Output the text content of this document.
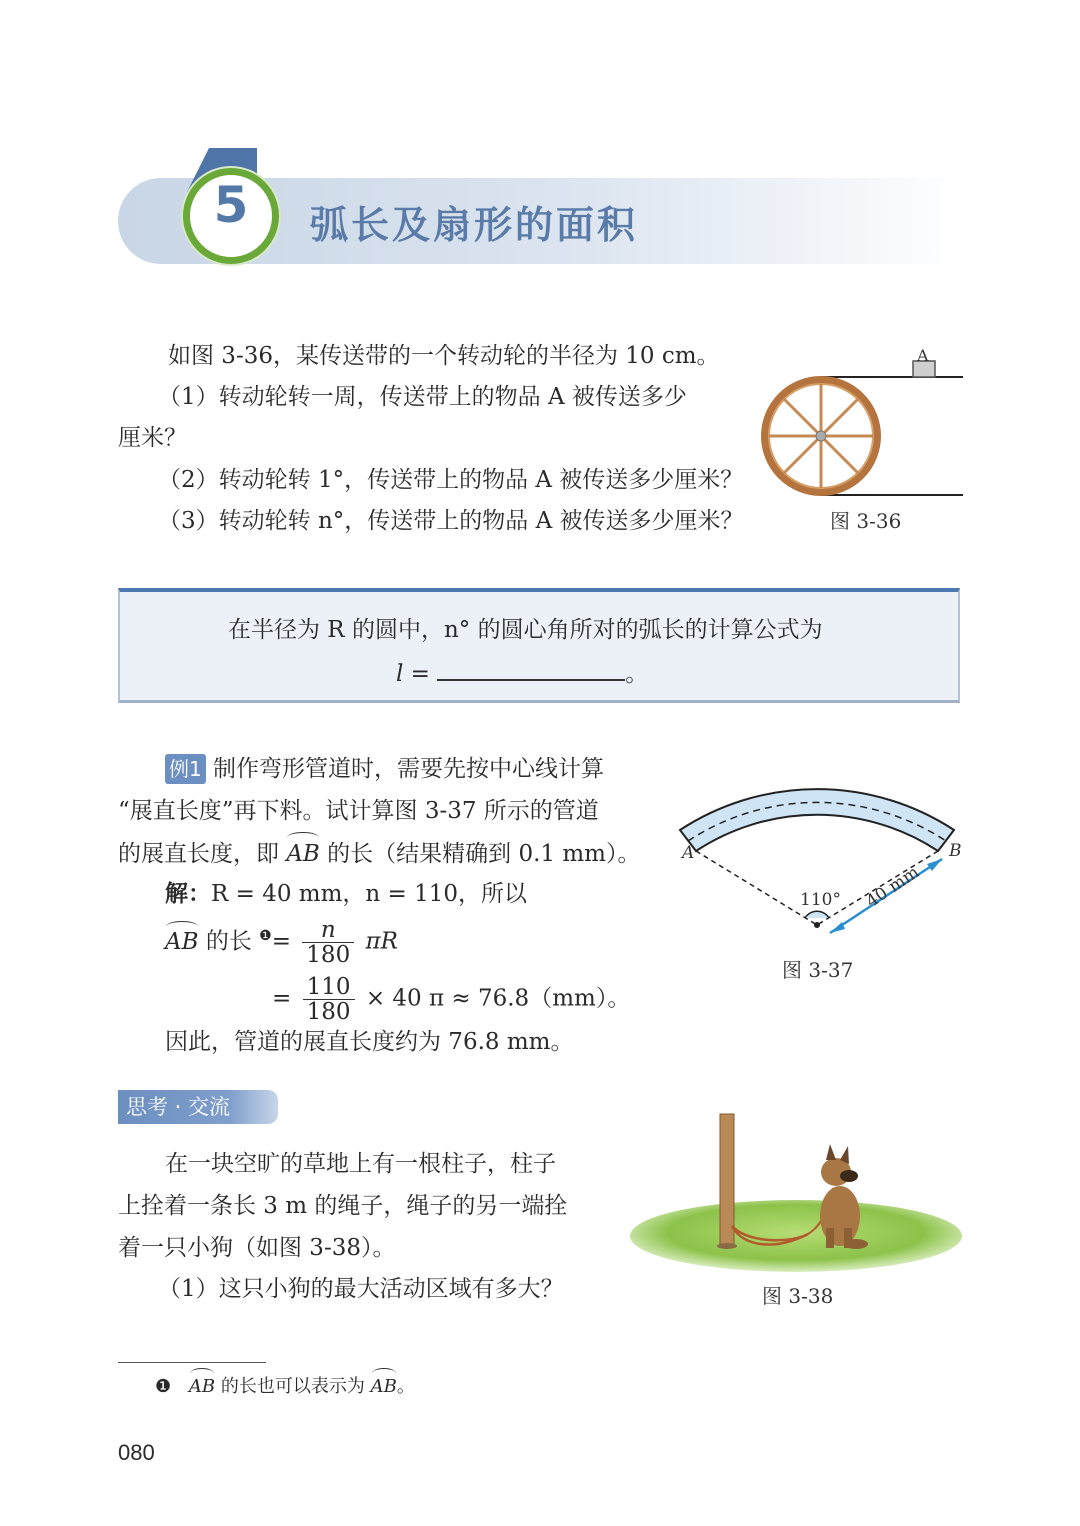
5	弧长及扇形的面积
如图 3-36，某传送带的一个转动轮的半径为 10 cm。
（1）转动轮转一周，传送带上的物品 A 被传送多少
厘米？
（2）转动轮转 1°，传送带上的物品 A 被传送多少厘米？
（3）转动轮转 n°，传送带上的物品 A 被传送多少厘米？
A
图 3-36
在半径为 R 的圆中，n° 的圆心角所对的弧长的计算公式为
l =	。
例1 制作弯形管道时，需要先按中心线计算
“展直长度”再下料。试计算图 3-37 所示的管道
的展直长度，即 AB 的长（结果精确到 0.1 mm）。
解：R = 40 mm，n = 110，所以
AB 的长 $^❶= \frac{n}{180}$ πR
= $\frac{110}{180} \times 40$ π ≈ 76.8（mm）。
因此，管道的展直长度约为 76.8 mm。
A	B
110° 40 mm
图 3-37
思考 · 交流
在一块空旷的草地上有一根柱子，柱子
上拴着一条长 3 m 的绳子，绳子的另一端拴
着一只小狗（如图 3-38）。
（1）这只小狗的最大活动区域有多大？	图 3-38
❶ AB 的长也可以表示为 AB。
080
